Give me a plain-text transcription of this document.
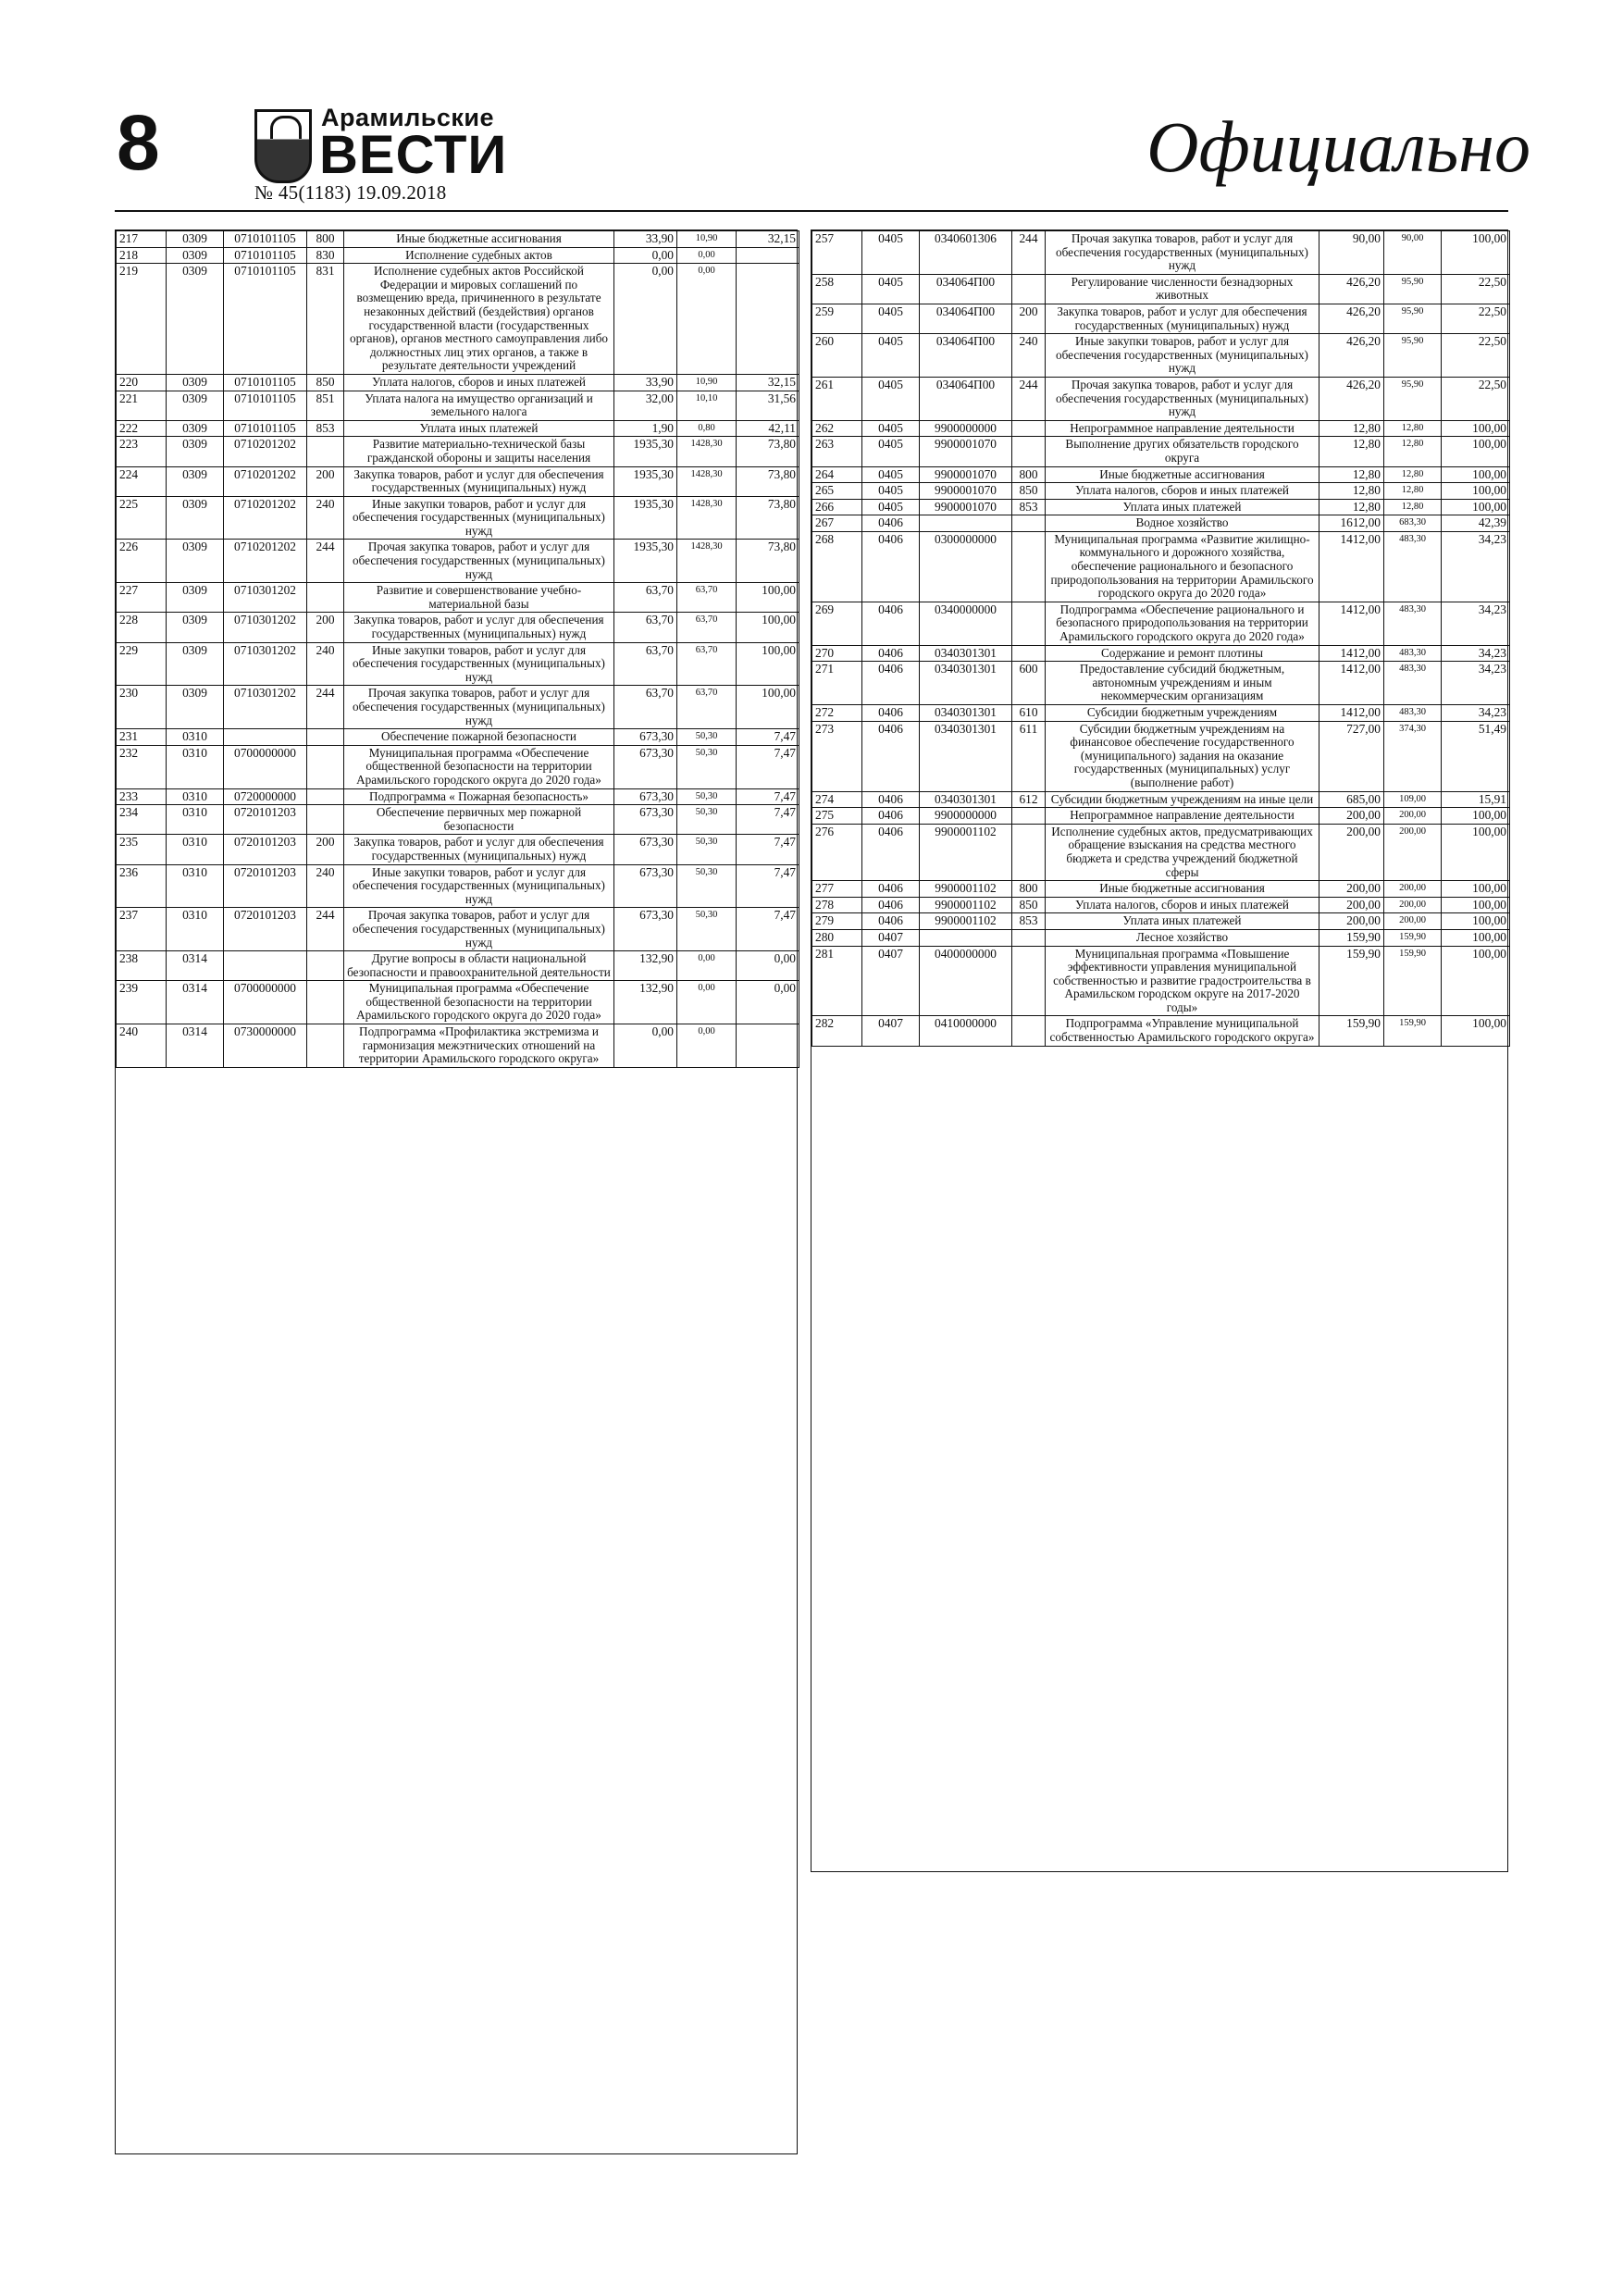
8	Арамильские
ВЕСТИ
№ 45(1183) 19.09.2018
Официально
217	0309	0710101105	800	Иные бюджетные ассигнования	33,90	10,90	32,15
218	0309	0710101105	830	Исполнение судебных актов	0,00	0,00	
219	0309	0710101105	831	Исполнение судебных актов Российской Федерации и мировых соглашений по возмещению вреда, причиненного в результате незаконных действий (бездействия) органов государственной власти (государственных органов), органов местного самоуправления либо должностных лиц этих органов, а также в результате деятельности учреждений	0,00	0,00	
220	0309	0710101105	850	Уплата налогов, сборов и иных платежей	33,90	10,90	32,15
221	0309	0710101105	851	Уплата налога на имущество организаций и земельного налога	32,00	10,10	31,56
222	0309	0710101105	853	Уплата иных платежей	1,90	0,80	42,11
223	0309	0710201202		Развитие материально-технической базы гражданской обороны и защиты населения	1935,30	1428,30	73,80
224	0309	0710201202	200	Закупка товаров, работ и услуг для обеспечения государственных (муниципальных) нужд	1935,30	1428,30	73,80
225	0309	0710201202	240	Иные закупки товаров, работ и услуг для обеспечения государственных (муниципальных) нужд	1935,30	1428,30	73,80
226	0309	0710201202	244	Прочая закупка товаров, работ и услуг для обеспечения государственных (муниципальных) нужд	1935,30	1428,30	73,80
227	0309	0710301202		Развитие и совершенствование учебно-материальной базы	63,70	63,70	100,00
228	0309	0710301202	200	Закупка товаров, работ и услуг для обеспечения государственных (муниципальных) нужд	63,70	63,70	100,00
229	0309	0710301202	240	Иные закупки товаров, работ и услуг для обеспечения государственных (муниципальных) нужд	63,70	63,70	100,00
230	0309	0710301202	244	Прочая закупка товаров, работ и услуг для обеспечения государственных (муниципальных) нужд	63,70	63,70	100,00
231	0310			Обеспечение пожарной безопасности	673,30	50,30	7,47
232	0310	0700000000		Муниципальная программа «Обеспечение общественной безопасности на территории Арамильского городского округа до 2020 года»	673,30	50,30	7,47
233	0310	0720000000		Подпрограмма « Пожарная безопасность»	673,30	50,30	7,47
234	0310	0720101203		Обеспечение первичных мер пожарной безопасности	673,30	50,30	7,47
235	0310	0720101203	200	Закупка товаров, работ и услуг для обеспечения государственных (муниципальных) нужд	673,30	50,30	7,47
236	0310	0720101203	240	Иные закупки товаров, работ и услуг для обеспечения государственных (муниципальных) нужд	673,30	50,30	7,47
237	0310	0720101203	244	Прочая закупка товаров, работ и услуг для обеспечения государственных (муниципальных) нужд	673,30	50,30	7,47
238	0314			Другие вопросы в области национальной безопасности и правоохранительной деятельности	132,90	0,00	0,00
239	0314	0700000000		Муниципальная программа «Обеспечение общественной безопасности на территории Арамильского городского округа до 2020 года»	132,90	0,00	0,00
240	0314	0730000000		Подпрограмма «Профилактика экстремизма и гармонизация межэтнических отношений на территории Арамильского городского округа»	0,00	0,00	
257	0405	0340601306	244	Прочая закупка товаров, работ и услуг для обеспечения государственных (муниципальных) нужд	90,00	90,00	100,00
258	0405	034064П00		Регулирование численности безнадзорных животных	426,20	95,90	22,50
259	0405	034064П00	200	Закупка товаров, работ и услуг для обеспечения государственных (муниципальных) нужд	426,20	95,90	22,50
260	0405	034064П00	240	Иные закупки товаров, работ и услуг для обеспечения государственных (муниципальных) нужд	426,20	95,90	22,50
261	0405	034064П00	244	Прочая закупка товаров, работ и услуг для обеспечения государственных (муниципальных) нужд	426,20	95,90	22,50
262	0405	9900000000		Непрограммное направление деятельности	12,80	12,80	100,00
263	0405	9900001070		Выполнение других обязательств городского округа	12,80	12,80	100,00
264	0405	9900001070	800	Иные бюджетные ассигнования	12,80	12,80	100,00
265	0405	9900001070	850	Уплата налогов, сборов и иных платежей	12,80	12,80	100,00
266	0405	9900001070	853	Уплата иных платежей	12,80	12,80	100,00
267	0406			Водное хозяйство	1612,00	683,30	42,39
268	0406	0300000000		Муниципальная программа «Развитие жилищно-коммунального и дорожного хозяйства, обеспечение рационального и безопасного природопользования на территории Арамильского городского округа до 2020 года»	1412,00	483,30	34,23
269	0406	0340000000		Подпрограмма «Обеспечение рационального и безопасного природопользования на территории Арамильского городского округа до 2020 года»	1412,00	483,30	34,23
270	0406	0340301301		Содержание и ремонт плотины	1412,00	483,30	34,23
271	0406	0340301301	600	Предоставление субсидий бюджетным, автономным учреждениям и иным некоммерческим организациям	1412,00	483,30	34,23
272	0406	0340301301	610	Субсидии бюджетным учреждениям	1412,00	483,30	34,23
273	0406	0340301301	611	Субсидии бюджетным учреждениям на финансовое обеспечение государственного (муниципального) задания на оказание государственных (муниципальных) услуг (выполнение работ)	727,00	374,30	51,49
274	0406	0340301301	612	Субсидии бюджетным учреждениям на иные цели	685,00	109,00	15,91
275	0406	9900000000		Непрограммное направление деятельности	200,00	200,00	100,00
276	0406	9900001102		Исполнение судебных актов, предусматривающих обращение взыскания на средства местного бюджета и средства учреждений бюджетной сферы	200,00	200,00	100,00
277	0406	9900001102	800	Иные бюджетные ассигнования	200,00	200,00	100,00
278	0406	9900001102	850	Уплата налогов, сборов и иных платежей	200,00	200,00	100,00
279	0406	9900001102	853	Уплата иных платежей	200,00	200,00	100,00
280	0407			Лесное хозяйство	159,90	159,90	100,00
281	0407	0400000000		Муниципальная программа «Повышение эффективности управления муниципальной собственностью и развитие градостроительства в Арамильском городском округе на 2017-2020 годы»	159,90	159,90	100,00
282	0407	0410000000		Подпрограмма «Управление муниципальной собственностью Арамильского городского округа»	159,90	159,90	100,00
